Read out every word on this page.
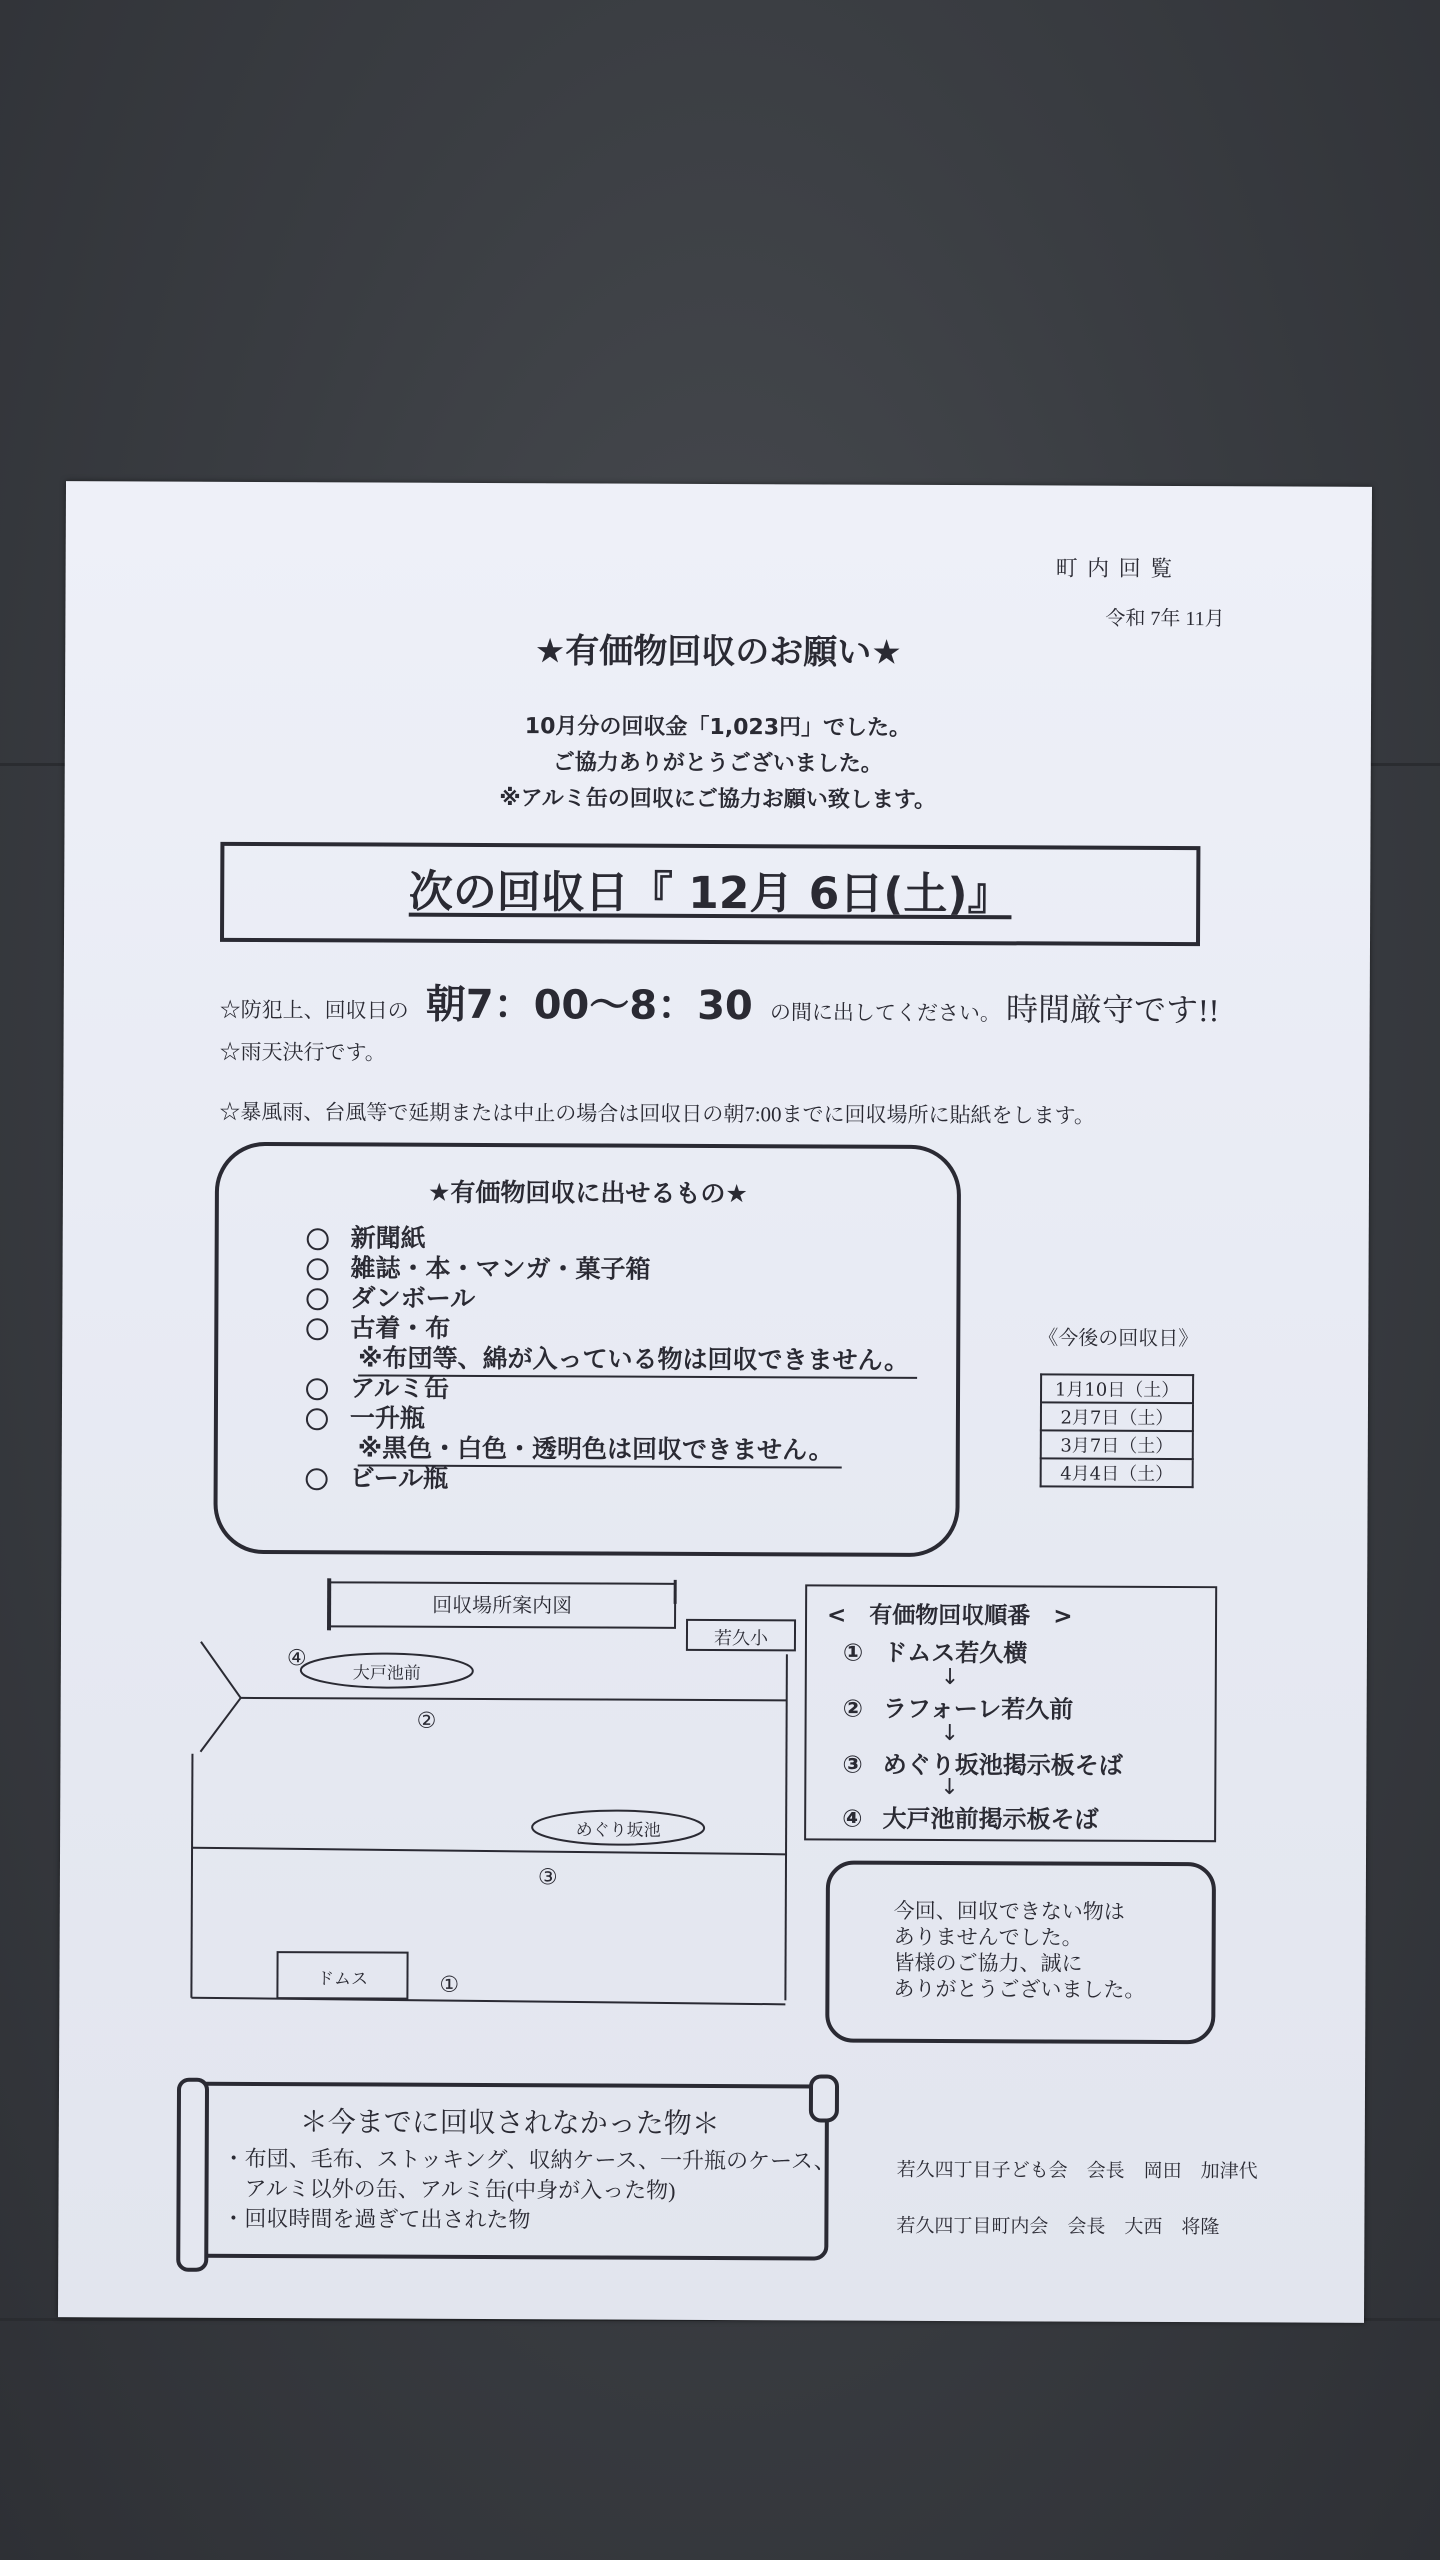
町 内 回 覧
令和 7年 11月
★有価物回収のお願い★
10月分の回収金「1,023円」でした。
ご協力ありがとうございました。
※アルミ缶の回収にご協力お願い致します。
次の回収日『 12月 6日(土)』
☆防犯上、回収日の 朝7：00～8：30 の間に出してください。 時間厳守です!!
☆雨天決行です。
☆暴風雨、台風等で延期または中止の場合は回収日の朝7:00までに回収場所に貼紙をします。
★有価物回収に出せるもの★
新聞紙
雑誌・本・マンガ・菓子箱
ダンボール
古着・布
※布団等、綿が入っている物は回収できません。
アルミ缶
一升瓶
※黒色・白色・透明色は回収できません。
ビール瓶
《今後の回収日》
1月10日（土）
2月7日（土）
3月7日（土）
4月4日（土）
回収場所案内図
若久小
大戸池前
めぐり坂池
ドムス
④
②
③
①
<　有価物回収順番　>
① ドムス若久横
↓
② ラフォーレ若久前
↓
③ めぐり坂池掲示板そば
↓
④ 大戸池前掲示板そば
今回、回収できない物は
ありませんでした。
皆様のご協力、誠に
ありがとうございました。
＊今までに回収されなかった物＊
・布団、毛布、ストッキング、収納ケース、一升瓶のケース、
　アルミ以外の缶、アルミ缶(中身が入った物)
・回収時間を過ぎて出された物
若久四丁目子ども会　会長　岡田　加津代
若久四丁目町内会　会長　大西　将隆
